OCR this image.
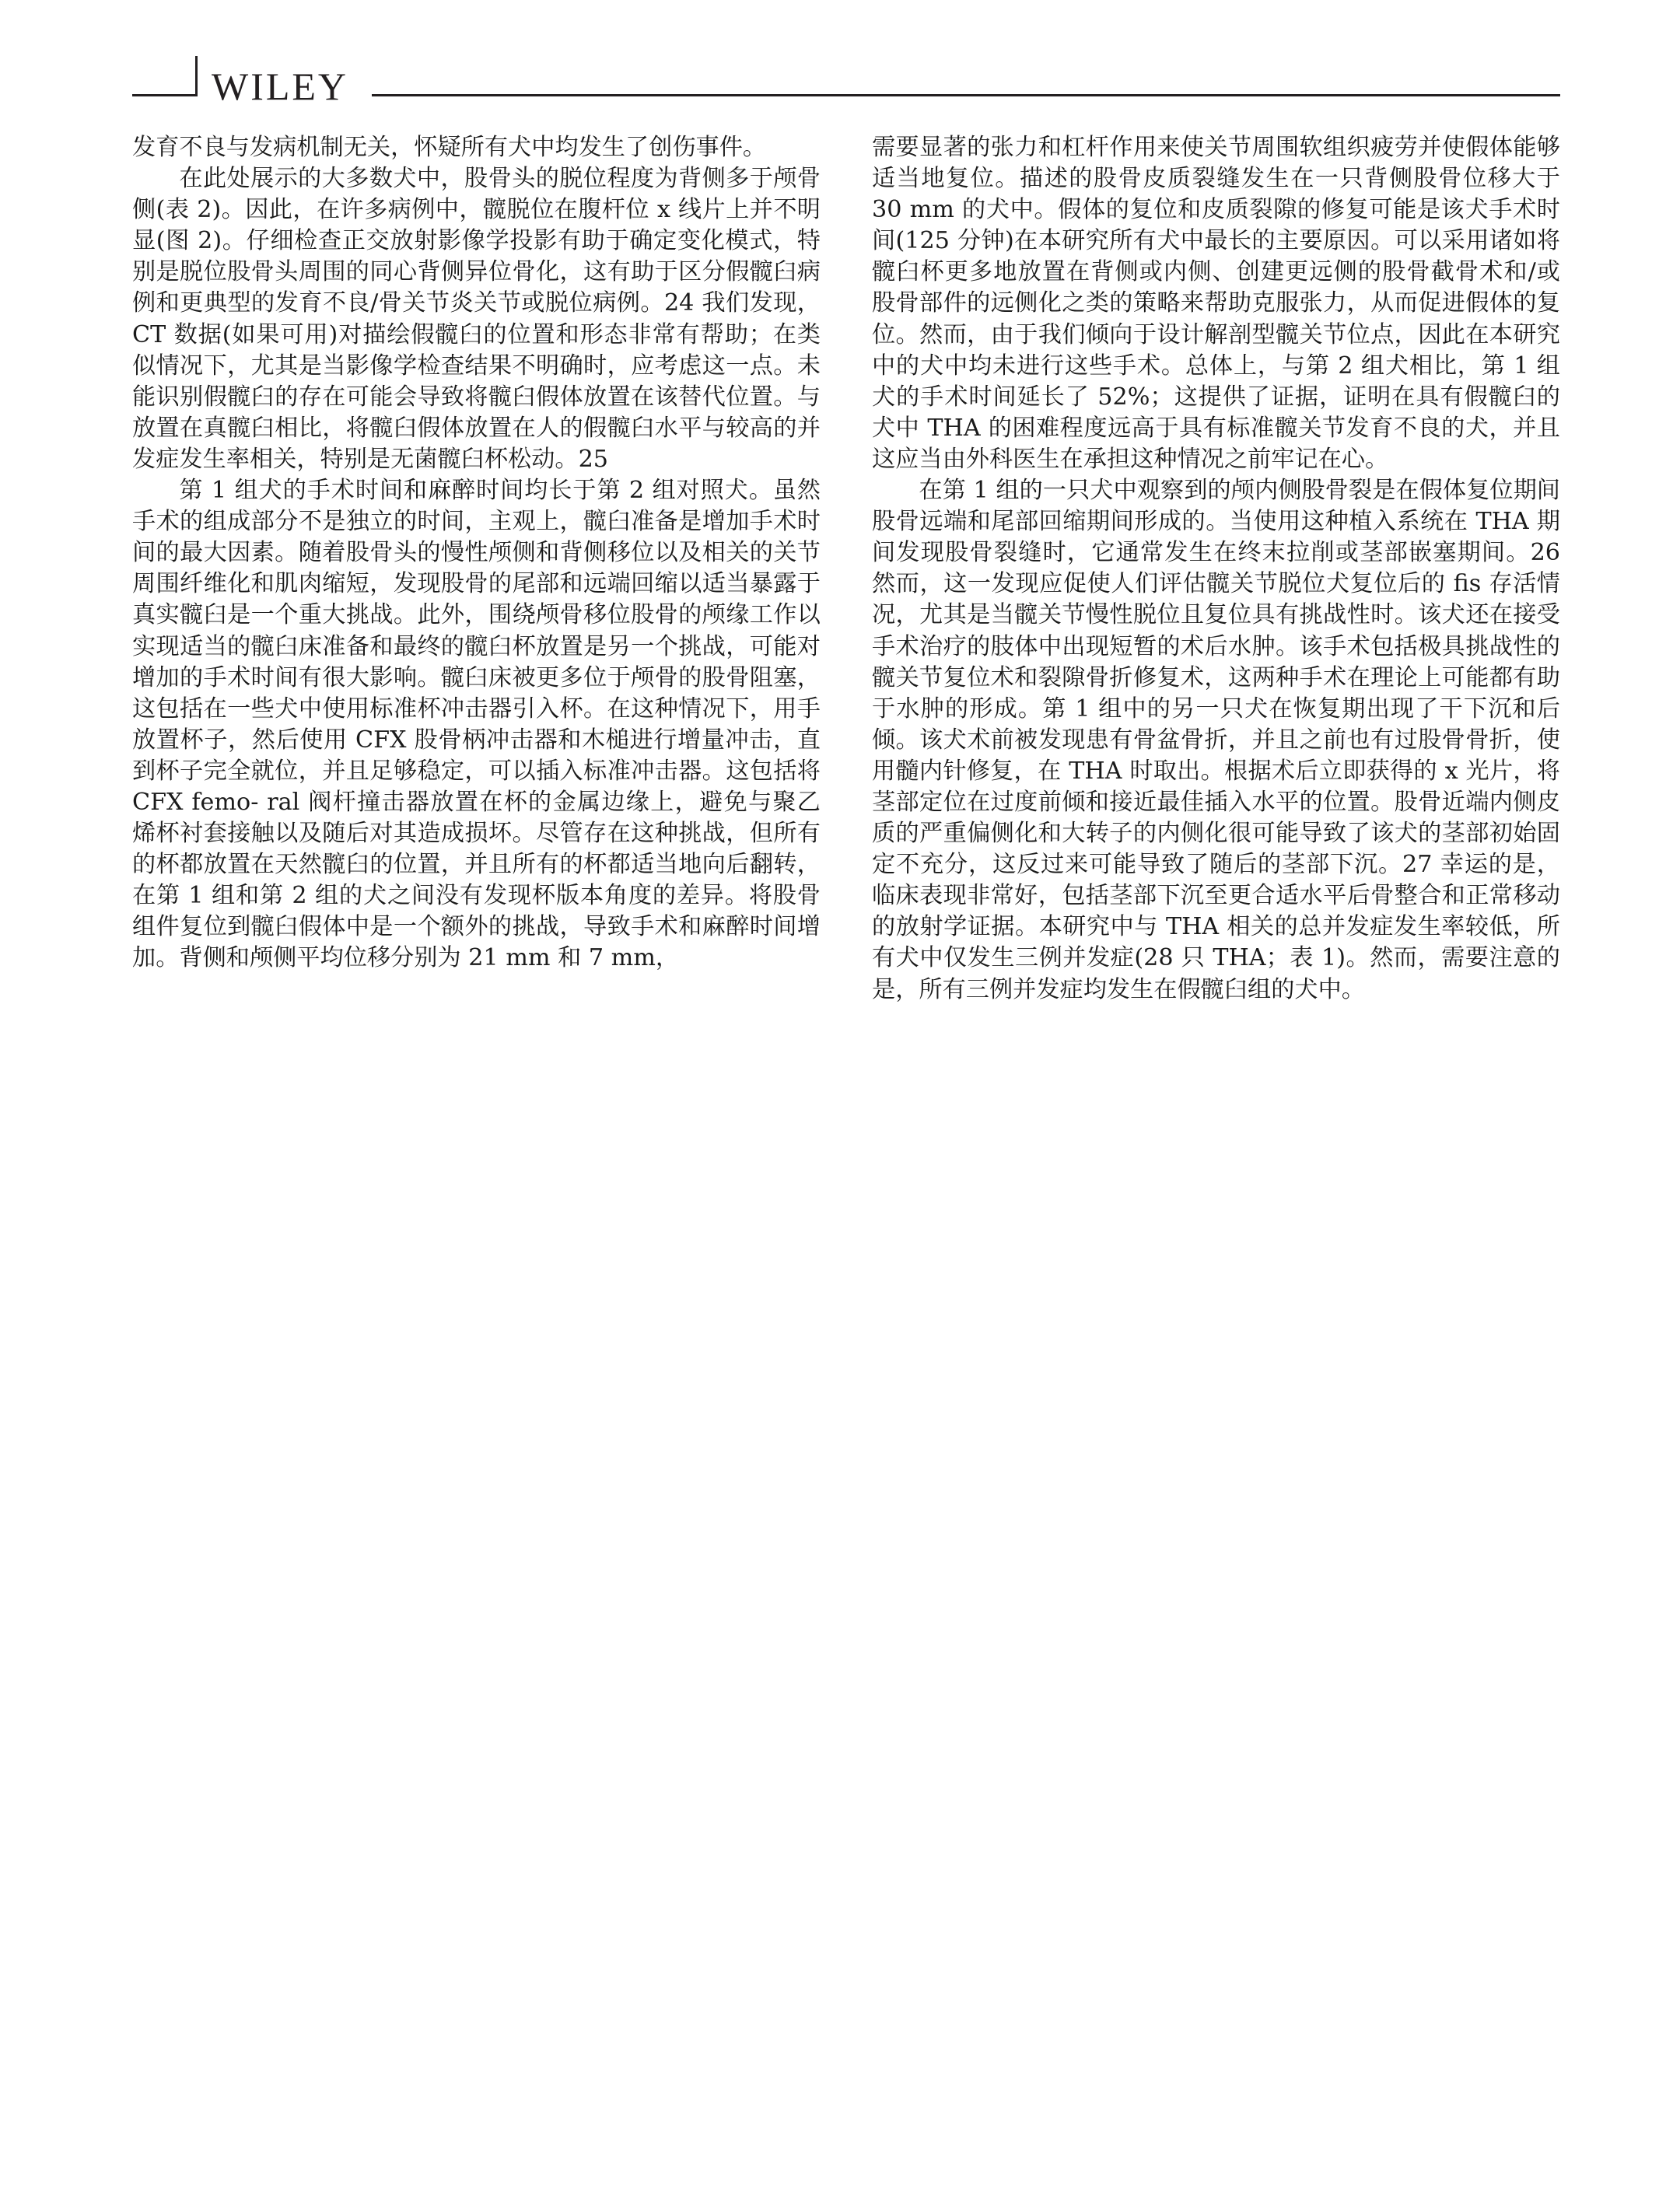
WILEY

发育不良与发病机制无关，怀疑所有犬中均发生了创伤事件。

在此处展示的大多数犬中，股骨头的脱位程度为背侧多于颅骨侧(表 2)。因此，在许多病例中，髋脱位在腹杆位 x 线片上并不明显(图 2)。仔细检查正交放射影像学投影有助于确定变化模式，特别是脱位股骨头周围的同心背侧异位骨化，这有助于区分假髋臼病例和更典型的发育不良/骨关节炎关节或脱位病例。24 我们发现，CT 数据(如果可用)对描绘假髋臼的位置和形态非常有帮助；在类似情况下，尤其是当影像学检查结果不明确时，应考虑这一点。未能识别假髋臼的存在可能会导致将髋臼假体放置在该替代位置。与放置在真髋臼相比，将髋臼假体放置在人的假髋臼水平与较高的并发症发生率相关，特别是无菌髋臼杯松动。25

第 1 组犬的手术时间和麻醉时间均长于第 2 组对照犬。虽然手术的组成部分不是独立的时间，主观上，髋臼准备是增加手术时间的最大因素。随着股骨头的慢性颅侧和背侧移位以及相关的关节周围纤维化和肌肉缩短，发现股骨的尾部和远端回缩以适当暴露于真实髋臼是一个重大挑战。此外，围绕颅骨移位股骨的颅缘工作以实现适当的髋臼床准备和最终的髋臼杯放置是另一个挑战，可能对增加的手术时间有很大影响。髋臼床被更多位于颅骨的股骨阻塞，这包括在一些犬中使用标准杯冲击器引入杯。在这种情况下，用手放置杯子，然后使用 CFX 股骨柄冲击器和木槌进行增量冲击，直到杯子完全就位，并且足够稳定，可以插入标准冲击器。这包括将 CFX femo- ral 阀杆撞击器放置在杯的金属边缘上，避免与聚乙烯杯衬套接触以及随后对其造成损坏。尽管存在这种挑战，但所有的杯都放置在天然髋臼的位置，并且所有的杯都适当地向后翻转，在第 1 组和第 2 组的犬之间没有发现杯版本角度的差异。将股骨组件复位到髋臼假体中是一个额外的挑战，导致手术和麻醉时间增加。背侧和颅侧平均位移分别为 21 mm 和 7 mm，

需要显著的张力和杠杆作用来使关节周围软组织疲劳并使假体能够适当地复位。描述的股骨皮质裂缝发生在一只背侧股骨位移大于 30 mm 的犬中。假体的复位和皮质裂隙的修复可能是该犬手术时间(125 分钟)在本研究所有犬中最长的主要原因。可以采用诸如将髋臼杯更多地放置在背侧或内侧、创建更远侧的股骨截骨术和/或股骨部件的远侧化之类的策略来帮助克服张力，从而促进假体的复位。然而，由于我们倾向于设计解剖型髋关节位点，因此在本研究中的犬中均未进行这些手术。总体上，与第 2 组犬相比，第 1 组犬的手术时间延长了 52%；这提供了证据，证明在具有假髋臼的犬中 THA 的困难程度远高于具有标准髋关节发育不良的犬，并且这应当由外科医生在承担这种情况之前牢记在心。

在第 1 组的一只犬中观察到的颅内侧股骨裂是在假体复位期间股骨远端和尾部回缩期间形成的。当使用这种植入系统在 THA 期间发现股骨裂缝时，它通常发生在终末拉削或茎部嵌塞期间。26 然而，这一发现应促使人们评估髋关节脱位犬复位后的 fis 存活情况，尤其是当髋关节慢性脱位且复位具有挑战性时。该犬还在接受手术治疗的肢体中出现短暂的术后水肿。该手术包括极具挑战性的髋关节复位术和裂隙骨折修复术，这两种手术在理论上可能都有助于水肿的形成。第 1 组中的另一只犬在恢复期出现了干下沉和后倾。该犬术前被发现患有骨盆骨折，并且之前也有过股骨骨折，使用髓内针修复，在 THA 时取出。根据术后立即获得的 x 光片，将茎部定位在过度前倾和接近最佳插入水平的位置。股骨近端内侧皮质的严重偏侧化和大转子的内侧化很可能导致了该犬的茎部初始固定不充分，这反过来可能导致了随后的茎部下沉。27 幸运的是，临床表现非常好，包括茎部下沉至更合适水平后骨整合和正常移动的放射学证据。本研究中与 THA 相关的总并发症发生率较低，所有犬中仅发生三例并发症(28 只 THA；表 1)。然而，需要注意的是，所有三例并发症均发生在假髋臼组的犬中。
